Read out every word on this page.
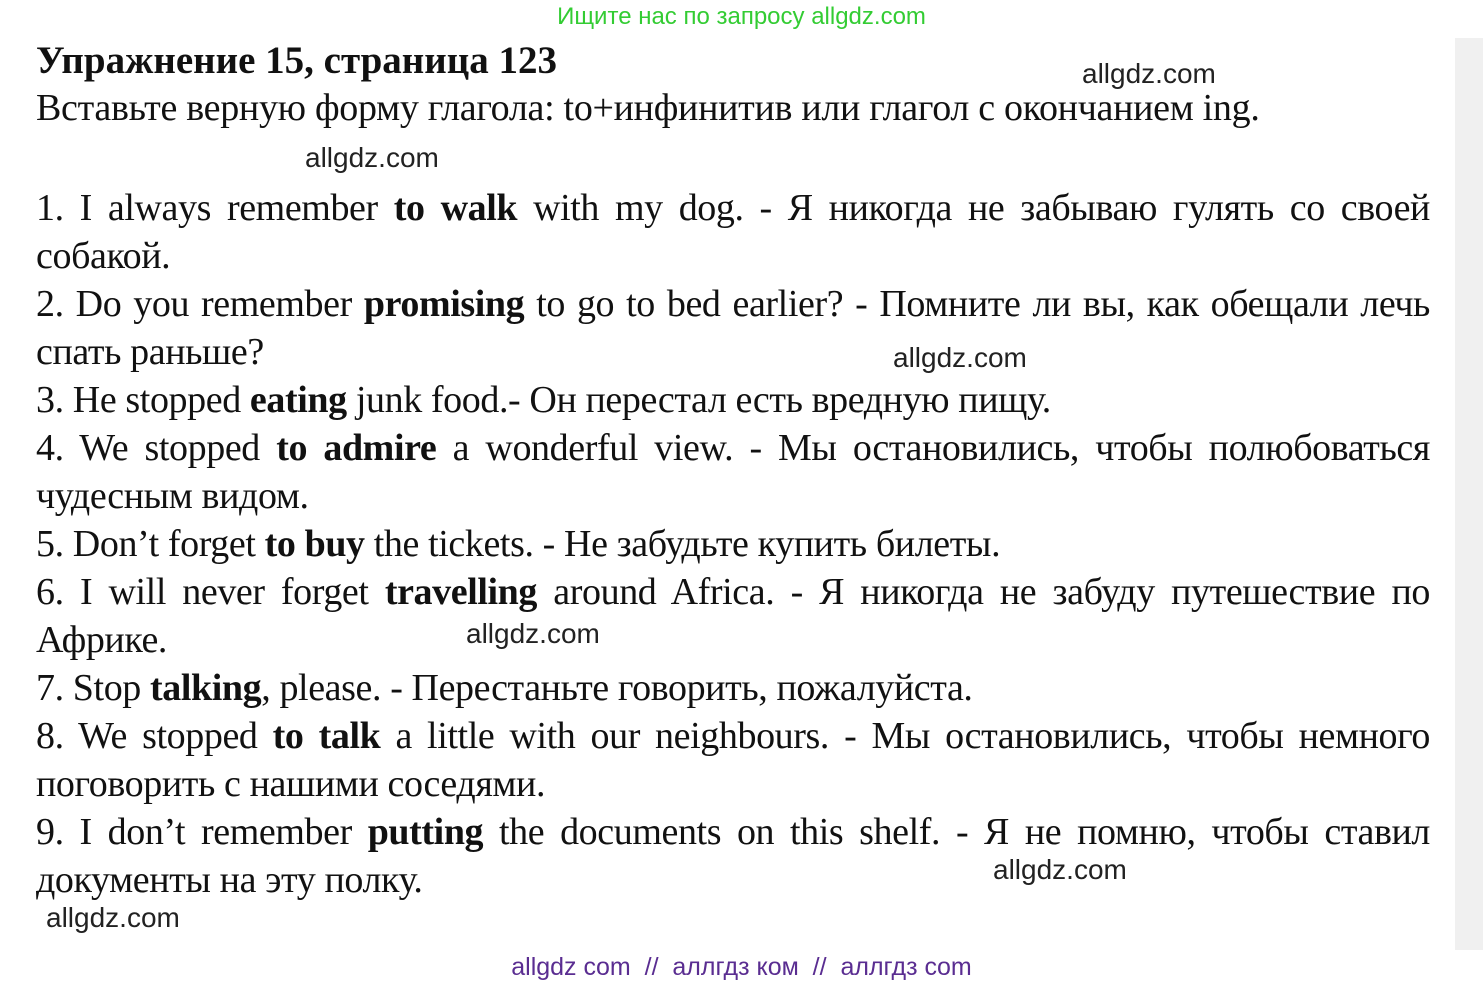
Ищите нас по запросу allgdz.com

Упражнение 15, страница 123

Вставьте верную форму глагола: to+инфинитив или глагол с окончанием ing.

1. I always remember to walk with my dog. - Я никогда не забываю гулять со своей собакой.

2. Do you remember promising to go to bed earlier? - Помните ли вы, как обещали лечь спать раньше?

3. He stopped eating junk food.- Он перестал есть вредную пищу.

4. We stopped to admire a wonderful view. - Мы остановились, чтобы полюбоваться чудесным видом.

5. Don’t forget to buy the tickets. - Не забудьте купить билеты.

6. I will never forget travelling around Africa. - Я никогда не забуду путешествие по Африке.

7. Stop talking, please. - Перестаньте говорить, пожалуйста.

8. We stopped to talk a little with our neighbours. - Мы остановились, чтобы немного поговорить с нашими соседями.

9. I don’t remember putting the documents on this shelf. - Я не помню, чтобы ставил документы на эту полку.

allgdz.com
allgdz.com
allgdz.com
allgdz.com
allgdz.com
allgdz.com
allgdz com  //  аллгдз ком  //  аллгдз com
